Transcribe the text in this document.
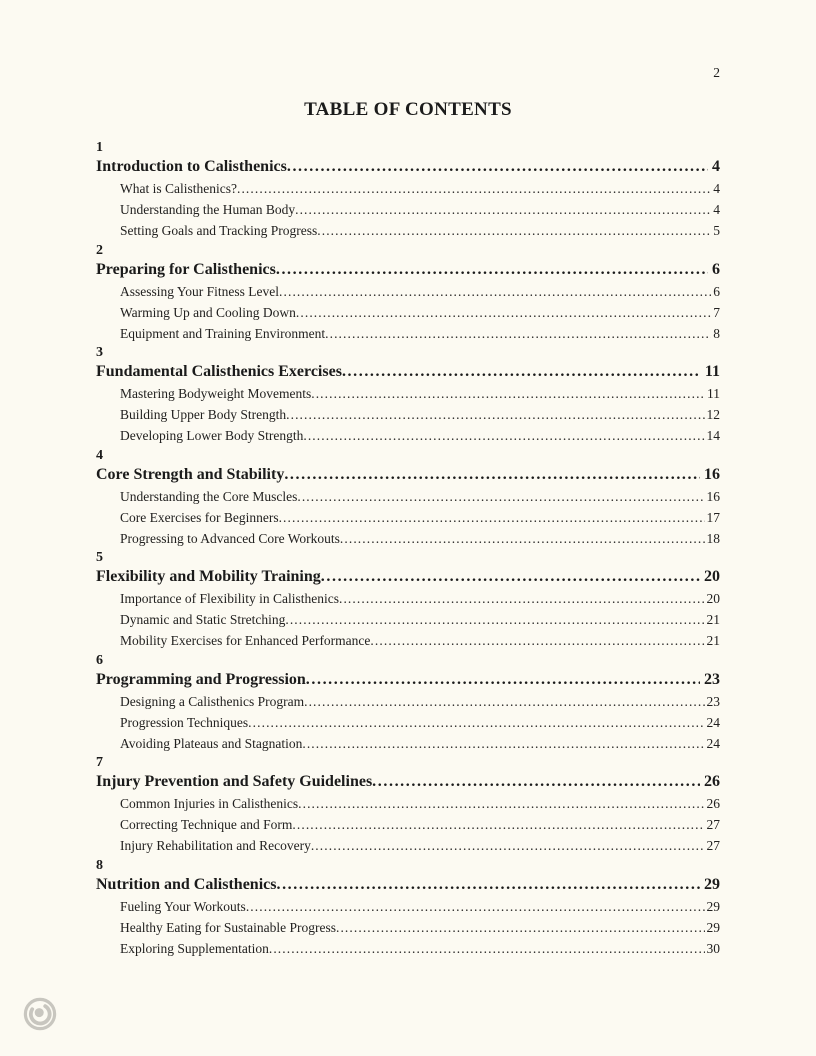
2
TABLE OF CONTENTS
1
Introduction to Calisthenics .....	4
What is Calisthenics? .....	4
Understanding the Human Body .....	4
Setting Goals and Tracking Progress .....	5
2
Preparing for Calisthenics .....	6
Assessing Your Fitness Level .....	6
Warming Up and Cooling Down .....	7
Equipment and Training Environment .....	8
3
Fundamental Calisthenics Exercises .....	11
Mastering Bodyweight Movements .....	11
Building Upper Body Strength .....	12
Developing Lower Body Strength .....	14
4
Core Strength and Stability .....	16
Understanding the Core Muscles .....	16
Core Exercises for Beginners .....	17
Progressing to Advanced Core Workouts .....	18
5
Flexibility and Mobility Training .....	20
Importance of Flexibility in Calisthenics .....	20
Dynamic and Static Stretching .....	21
Mobility Exercises for Enhanced Performance .....	21
6
Programming and Progression .....	23
Designing a Calisthenics Program .....	23
Progression Techniques .....	24
Avoiding Plateaus and Stagnation .....	24
7
Injury Prevention and Safety Guidelines .....	26
Common Injuries in Calisthenics .....	26
Correcting Technique and Form .....	27
Injury Rehabilitation and Recovery .....	27
8
Nutrition and Calisthenics .....	29
Fueling Your Workouts .....	29
Healthy Eating for Sustainable Progress .....	29
Exploring Supplementation .....	30
